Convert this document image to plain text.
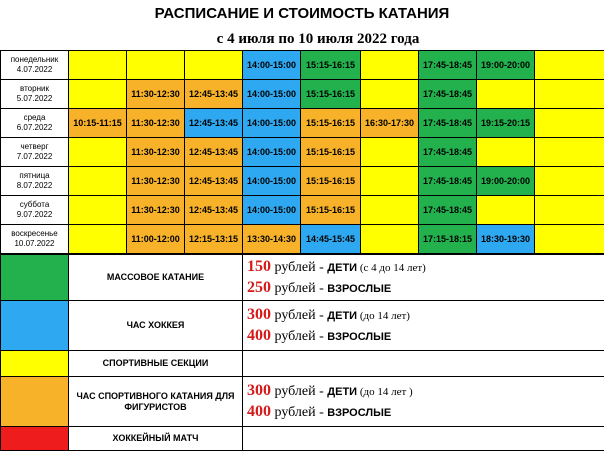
РАСПИСАНИЕ И СТОИМОСТЬ КАТАНИЯ
с 4 июля по 10 июля 2022 года
понедельник
4.07.2022				14:00-15:00	15:15-16:15		17:45-18:45	19:00-20:00	

вторник
5.07.2022		11:30-12:30	12:45-13:45	14:00-15:00	15:15-16:15		17:45-18:45		

среда
6.07.2022	10:15-11:15	11:30-12:30	12:45-13:45	14:00-15:00	15:15-16:15	16:30-17:30	17:45-18:45	19:15-20:15	

четверг
7.07.2022		11:30-12:30	12:45-13:45	14:00-15:00	15:15-16:15		17:45-18:45		

пятница
8.07.2022		11:30-12:30	12:45-13:45	14:00-15:00	15:15-16:15		17:45-18:45	19:00-20:00	

суббота
9.07.2022		11:30-12:30	12:45-13:45	14:00-15:00	15:15-16:15		17:45-18:45		

воскресенье
10.07.2022		11:00-12:00	12:15-13:15	13:30-14:30	14:45-15:45		17:15-18:15	18:30-19:30	
	МАССОВОЕ КАТАНИЕ	150 рублей - ДЕТИ (с 4 до 14 лет)
250 рублей - ВЗРОСЛЫЕ

	ЧАС ХОККЕЯ	300 рублей - ДЕТИ (до 14 лет)
400 рублей - ВЗРОСЛЫЕ

	СПОРТИВНЫЕ СЕКЦИИ	
	ЧАС СПОРТИВНОГО КАТАНИЯ ДЛЯ ФИГУРИСТОВ	300 рублей - ДЕТИ (до 14 лет )
400 рублей - ВЗРОСЛЫЕ

	ХОККЕЙНЫЙ МАТЧ	
